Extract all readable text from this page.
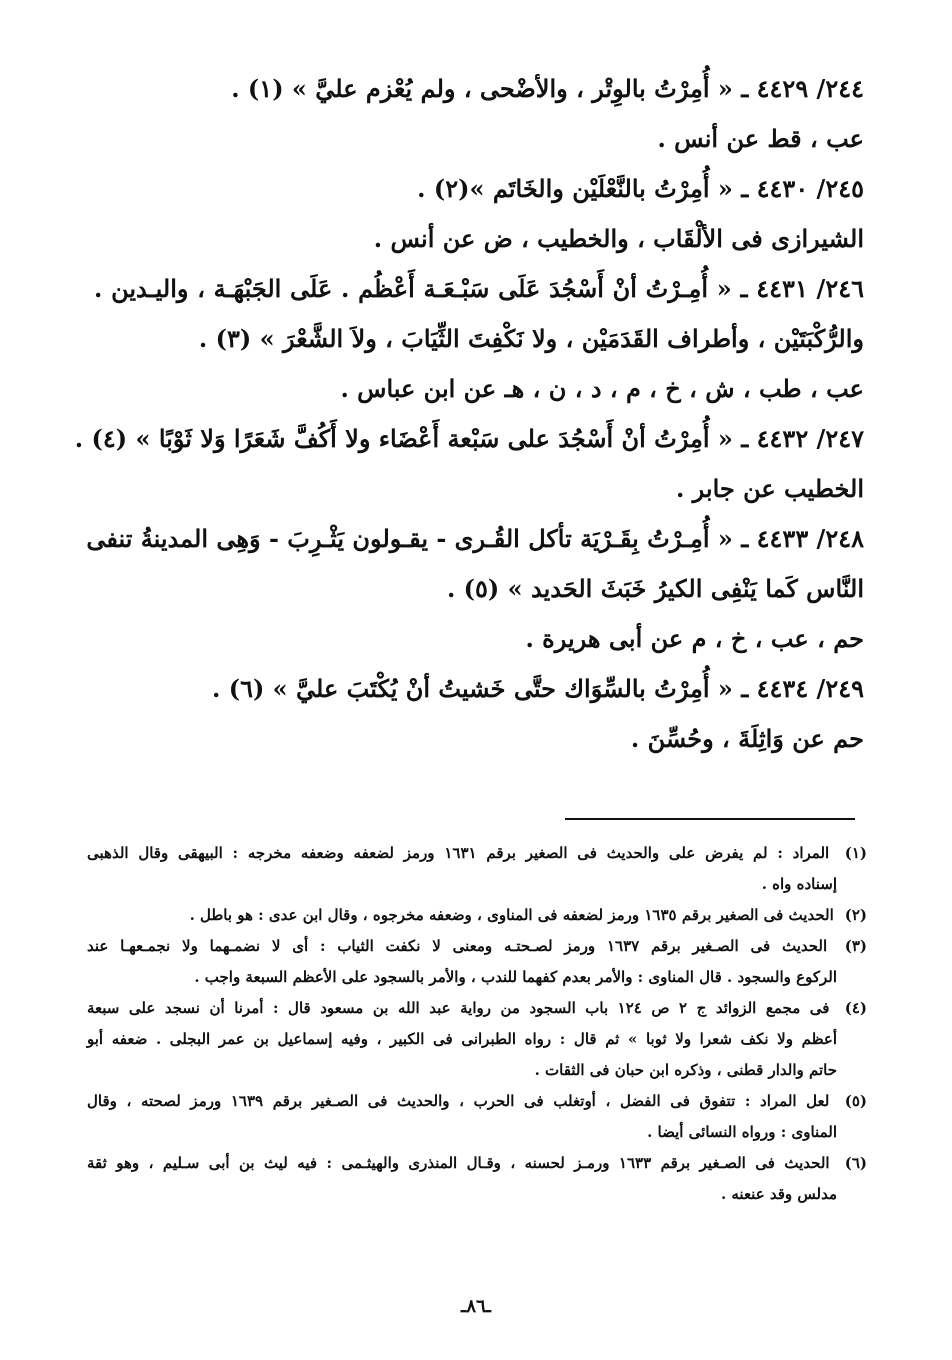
٢٤٤/ ٤٤٢٩ ـ « أُمِرْتُ بالوِتْر ، والأضْحى ، ولم يُعْزم عليَّ » (١) .
عب ، قط عن أنس .
٢٤٥/ ٤٤٣٠ ـ « أُمِرْتُ بالنَّعْلَيْن والخَاتَم »(٢) .
الشيرازى فى الألْقَاب ، والخطيب ، ض عن أنس .
٢٤٦/ ٤٤٣١ ـ « أُمِـرْتُ أنْ أَسْجُدَ عَلَى سَبْـعَـة أَعْظُم . عَلَى الجَبْهَـة ، واليـدين .
والرُّكْبَتَيْن ، وأطراف القَدَمَيْن ، ولا نَكْفِتَ الثِّيَابَ ، ولاَ الشَّعْرَ » (٣) .
عب ، طب ، ش ، خ ، م ، د ، ن ، هـ عن ابن عباس .
٢٤٧/ ٤٤٣٢ ـ « أُمِرْتُ أنْ أَسْجُدَ على سَبْعة أَعْضَاء ولا أَكُفَّ شَعَرًا وَلا ثَوْبًا » (٤) .
الخطيب عن جابر .
٢٤٨/ ٤٤٣٣ ـ « أُمِـرْتُ بِقَـرْيَة تأكل القُـرى - يقـولون يَثْـرِبَ - وَهِى المدينةُ تنفى
النَّاس كَما يَنْفِى الكيرُ خَبَثَ الحَديد » (٥) .
حم ، عب ، خ ، م عن أبى هريرة .
٢٤٩/ ٤٤٣٤ ـ « أُمِرْتُ بالسِّوَاك حتَّى خَشيتُ أنْ يُكْتَبَ عليَّ » (٦) .
حم عن وَاثِلَةَ ، وحُسِّنَ .
(١) المراد : لم يفرض على والحديث فى الصغير برقم ١٦٣١ ورمز لضعفه وضعفه مخرجه : البيهقى وقال الذهبى
إسناده واه .
(٢) الحديث فى الصغير برقم ١٦٣٥ ورمز لضعفه فى المناوى ، وضعفه مخرجوه ، وقال ابن عدى : هو باطل .
(٣) الحديث فى الصـغير برقم ١٦٣٧ ورمز لصـحتـه ومعنى لا نكفت الثياب : أى لا نضمـهما ولا نجمـعهـا عند
الركوع والسجود . قال المناوى : والأمر بعدم كفهما للندب ، والأمر بالسجود على الأعظم السبعة واجب .
(٤) فى مجمع الزوائد ج ٢ ص ١٢٤ باب السجود من رواية عبد الله بن مسعود قال : أمرنا أن نسجد على سبعة
أعظم ولا نكف شعرا ولا ثوبا » ثم قال : رواه الطبرانى فى الكبير ، وفيه إسماعيل بن عمر البجلى . ضعفه أبو
حاتم والدار قطنى ، وذكره ابن حبان فى الثقات .
(٥) لعل المراد : تتفوق فى الفضل ، أوتغلب فى الحرب ، والحديث فى الصـغير برقم ١٦٣٩ ورمز لصحته ، وقال
المناوى : ورواه النسائى أيضا .
(٦) الحديث فى الصـغير برقم ١٦٣٣ ورمـز لحسنه ، وقـال المنذرى والهيثـمى : فيه ليث بن أبى سـليم ، وهو ثقة
مدلس وقد عنعنه .
ـ٨٦ـ
